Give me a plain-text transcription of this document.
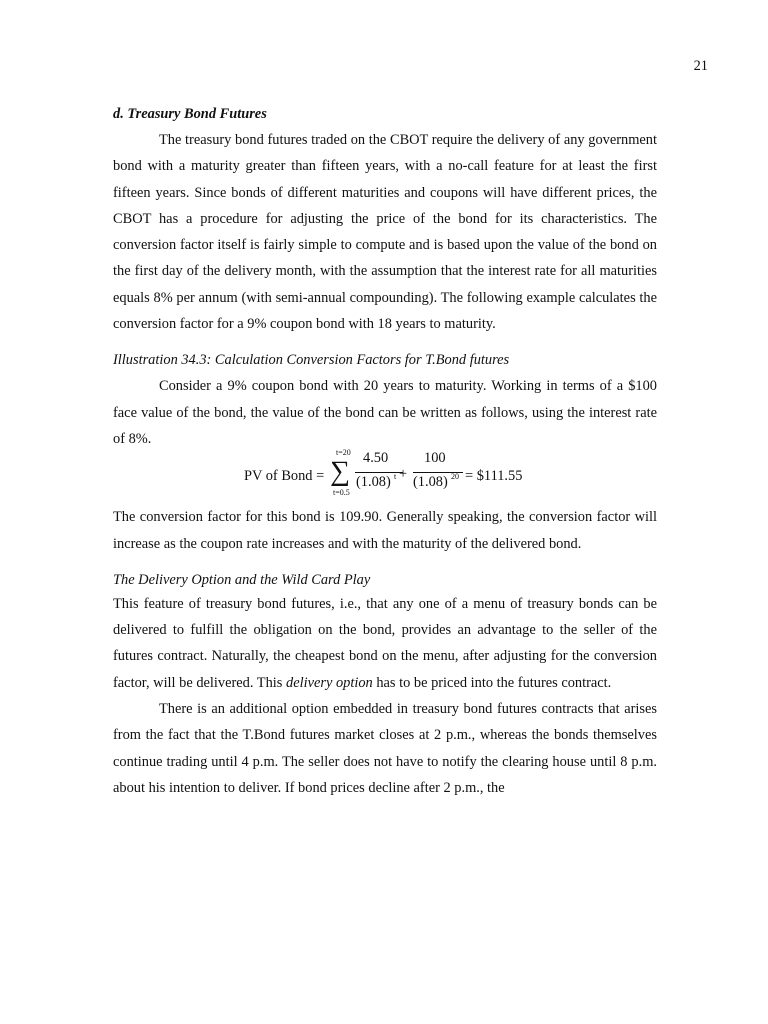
21
d. Treasury Bond Futures

The treasury bond futures traded on the CBOT require the delivery of any government bond with a maturity greater than fifteen years, with a no-call feature for at least the first fifteen years. Since bonds of different maturities and coupons will have different prices, the CBOT has a procedure for adjusting the price of the bond for its characteristics. The conversion factor itself is fairly simple to compute and is based upon the value of the bond on the first day of the delivery month, with the assumption that the interest rate for all maturities equals 8% per annum (with semi-annual compounding). The following example calculates the conversion factor for a 9% coupon bond with 18 years to maturity.

Illustration 34.3: Calculation Conversion Factors for T.Bond futures

Consider a 9% coupon bond with 20 years to maturity. Working in terms of a $100 face value of the bond, the value of the bond can be written as follows, using the interest rate of 8%.

PV of Bond =
t=20
∑
t=0.5
4.50
(1.08) t +
100
(1.08) 20 = $111.55

The conversion factor for this bond is 109.90. Generally speaking, the conversion factor will increase as the coupon rate increases and with the maturity of the delivered bond.

The Delivery Option and the Wild Card Play

This feature of treasury bond futures, i.e., that any one of a menu of treasury bonds can be delivered to fulfill the obligation on the bond, provides an advantage to the seller of the futures contract. Naturally, the cheapest bond on the menu, after adjusting for the conversion factor, will be delivered. This delivery option has to be priced into the futures contract.

There is an additional option embedded in treasury bond futures contracts that arises from the fact that the T.Bond futures market closes at 2 p.m., whereas the bonds themselves continue trading until 4 p.m. The seller does not have to notify the clearing house until 8 p.m. about his intention to deliver. If bond prices decline after 2 p.m., the
